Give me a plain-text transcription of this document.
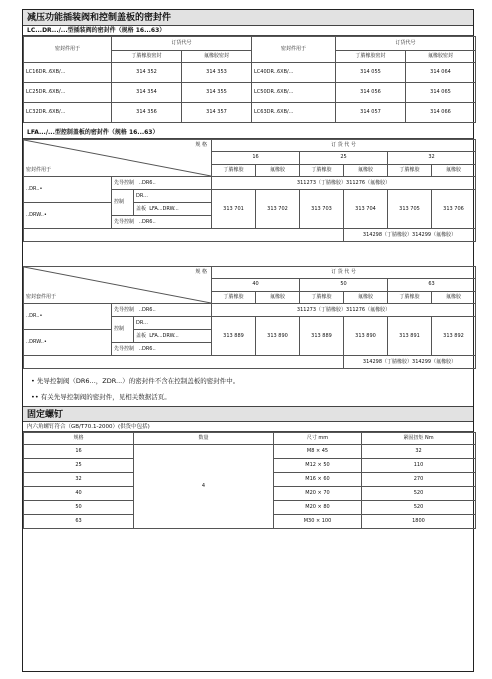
减压功能插装阀和控制盖板的密封件
LC...DR.../...型插装阀的密封件（规格 16...63）
密封件用于	订货代号		密封件用于	订货代号	
	丁腈橡胶密封	氟橡胶密封		丁腈橡胶密封	氟橡胶密封
LC16DR..6XB/...	314 352	314 353	LC40DR..6XB/...	314 055	314 064
LC25DR..6XB/...	314 354	314 355	LC50DR..6XB/...	314 056	314 065
LC32DR..6XB/...	314 356	314 357	LC63DR..6XB/...	314 057	314 066
LFA.../...型控制盖板的密封件（规格 16...63）
规 格
密封件用于			订 货 代 号					
			16		25		32	
			丁腈橡胶	氟橡胶	丁腈橡胶	氟橡胶	丁腈橡胶	氟橡胶
..DR..•	先导控制 ..DR6..		311273（丁腈橡胶）311276（氟橡胶）					
	控制	DR...	313 701	313 702	313 703	313 704	313 705	313 706
..DRW..•		盖板 LFA...DRW...						
	先导控制 ..DR6..							
						314298（丁腈橡胶）314299（氟橡胶）		
规 格
密封套件用于			订 货 代 号					
			40		50		63	
			丁腈橡胶	氟橡胶	丁腈橡胶	氟橡胶	丁腈橡胶	氟橡胶
..DR..•	先导控制 ..DR6..		311273（丁腈橡胶）311276（氟橡胶）					
	控制	DR...	313 889	313 890	313 889	313 890	313 891	313 892
..DRW..•		盖板 LFA...DRW...						
	先导控制 ..DR6..							
						314298（丁腈橡胶）314299（氟橡胶）		
• 先导控制阀（DR6...，ZDR...）的密封件不含在控制盖板的密封件中。
•• 有关先导控制阀的密封件，见相关数据活页。
固定螺钉
内六角螺钉符合（GB/T70.1-2000）(供货中包括)
规格	数量	尺寸 mm	紧固扭矩 Nm
16	4	M8 × 45	32
25		M12 × 50	110
32		M16 × 60	270
40		M20 × 70	520
50		M20 × 80	520
63		M30 × 100	1800
